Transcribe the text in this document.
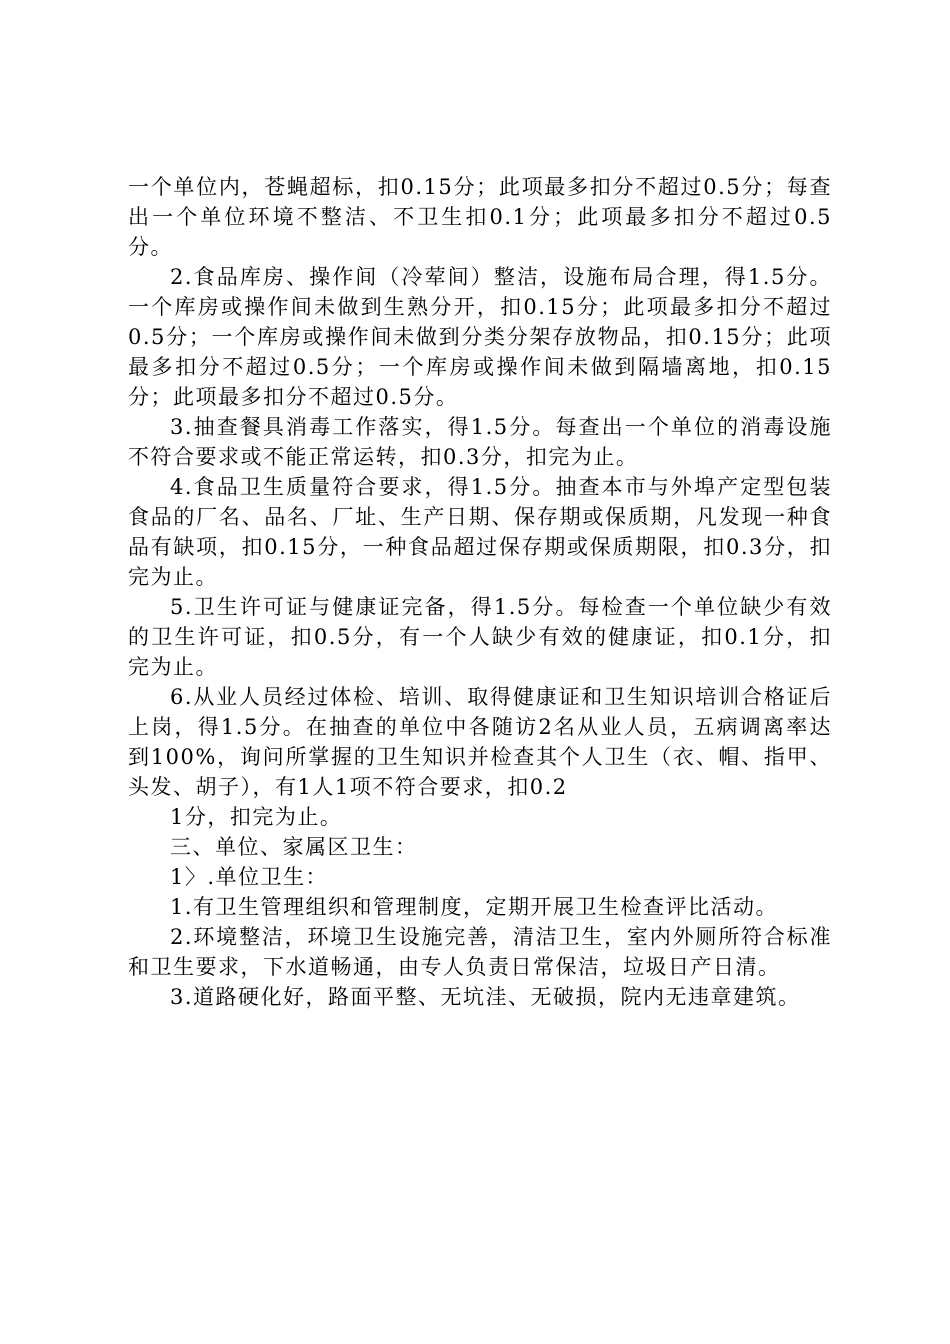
一个单位内，苍蝇超标，扣0.15分；此项最多扣分不超过0.5分；每查出一个单位环境不整洁、不卫生扣0.1分；此项最多扣分不超过0.5分。

2.食品库房、操作间（冷荤间）整洁，设施布局合理，得1.5分。一个库房或操作间未做到生熟分开，扣0.15分；此项最多扣分不超过0.5分；一个库房或操作间未做到分类分架存放物品，扣0.15分；此项最多扣分不超过0.5分；一个库房或操作间未做到隔墙离地，扣0.15分；此项最多扣分不超过0.5分。

3.抽查餐具消毒工作落实，得1.5分。每查出一个单位的消毒设施不符合要求或不能正常运转，扣0.3分，扣完为止。

4.食品卫生质量符合要求，得1.5分。抽查本市与外埠产定型包装食品的厂名、品名、厂址、生产日期、保存期或保质期，凡发现一种食品有缺项，扣0.15分，一种食品超过保存期或保质期限，扣0.3分，扣完为止。

5.卫生许可证与健康证完备，得1.5分。每检查一个单位缺少有效的卫生许可证，扣0.5分，有一个人缺少有效的健康证，扣0.1分，扣完为止。

6.从业人员经过体检、培训、取得健康证和卫生知识培训合格证后上岗，得1.5分。在抽查的单位中各随访2名从业人员，五病调离率达到100%，询问所掌握的卫生知识并检查其个人卫生（衣、帽、指甲、头发、胡子），有1人1项不符合要求，扣0.2

1分，扣完为止。

三、单位、家属区卫生：

1〉.单位卫生：

1.有卫生管理组织和管理制度，定期开展卫生检查评比活动。

2.环境整洁，环境卫生设施完善，清洁卫生，室内外厕所符合标准和卫生要求，下水道畅通，由专人负责日常保洁，垃圾日产日清。

3.道路硬化好，路面平整、无坑洼、无破损，院内无违章建筑。
